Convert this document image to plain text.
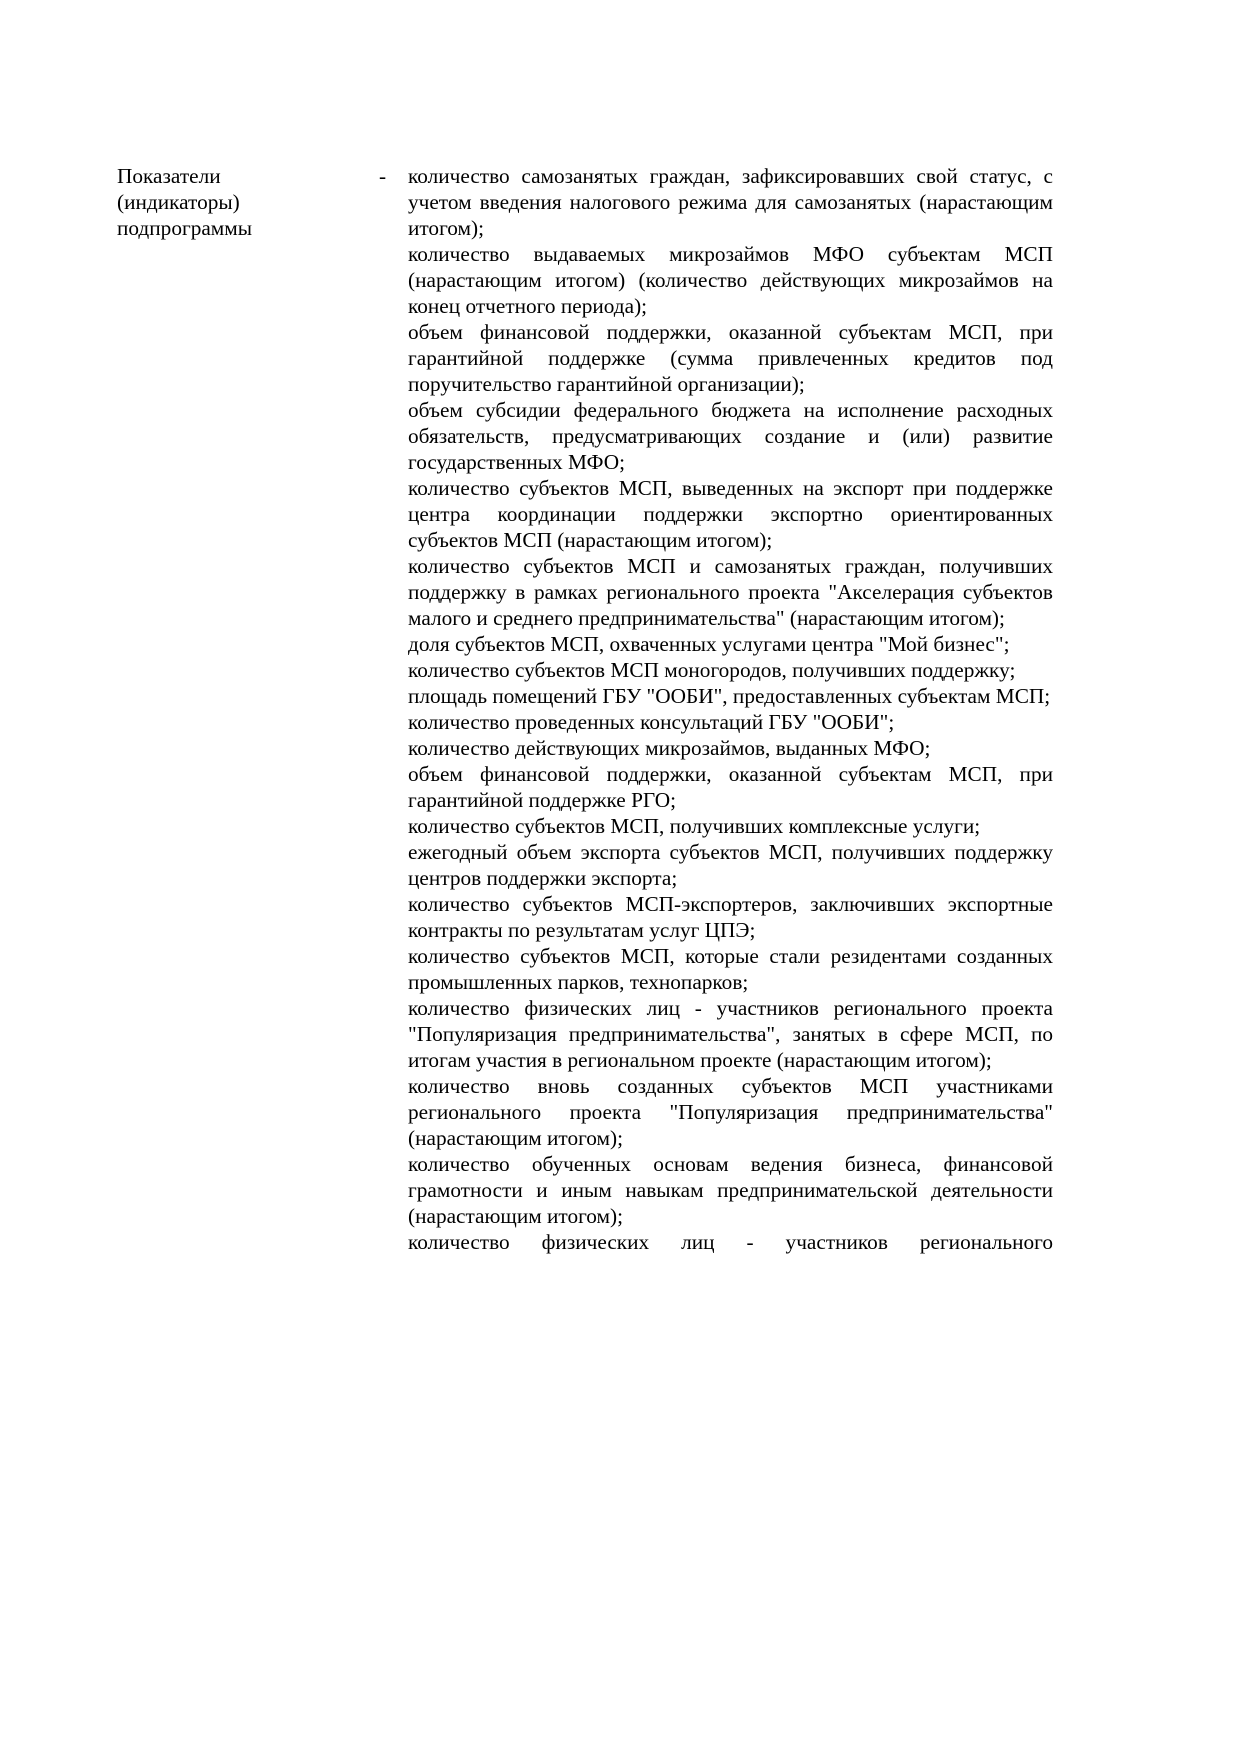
Показатели
(индикаторы)
подпрограммы
- количество самозанятых граждан, зафиксировавших свой статус, с учетом введения налогового режима для самозанятых (нарастающим итогом);

количество выдаваемых микрозаймов МФО субъектам МСП (нарастающим итогом) (количество действующих микрозаймов на конец отчетного периода);

объем финансовой поддержки, оказанной субъектам МСП, при гарантийной поддержке (сумма привлеченных кредитов под поручительство гарантийной организации);

объем субсидии федерального бюджета на исполнение расходных обязательств, предусматривающих создание и (или) развитие государственных МФО;

количество субъектов МСП, выведенных на экспорт при поддержке центра координации поддержки экспортно ориентированных субъектов МСП (нарастающим итогом);

количество субъектов МСП и самозанятых граждан, получивших поддержку в рамках регионального проекта "Акселерация субъектов малого и среднего предпринимательства" (нарастающим итогом);

доля субъектов МСП, охваченных услугами центра "Мой бизнес";

количество субъектов МСП моногородов, получивших поддержку;

площадь помещений ГБУ "ООБИ", предоставленных субъектам МСП;

количество проведенных консультаций ГБУ "ООБИ";

количество действующих микрозаймов, выданных МФО;

объем финансовой поддержки, оказанной субъектам МСП, при гарантийной поддержке РГО;

количество субъектов МСП, получивших комплексные услуги;

ежегодный объем экспорта субъектов МСП, получивших поддержку центров поддержки экспорта;

количество субъектов МСП-экспортеров, заключивших экспортные контракты по результатам услуг ЦПЭ;

количество субъектов МСП, которые стали резидентами созданных промышленных парков, технопарков;

количество физических лиц - участников регионального проекта "Популяризация предпринимательства", занятых в сфере МСП, по итогам участия в региональном проекте (нарастающим итогом);

количество вновь созданных субъектов МСП участниками регионального проекта "Популяризация предпринимательства" (нарастающим итогом);

количество обученных основам ведения бизнеса, финансовой грамотности и иным навыкам предпринимательской деятельности (нарастающим итогом);

количество физических лиц - участников регионального
